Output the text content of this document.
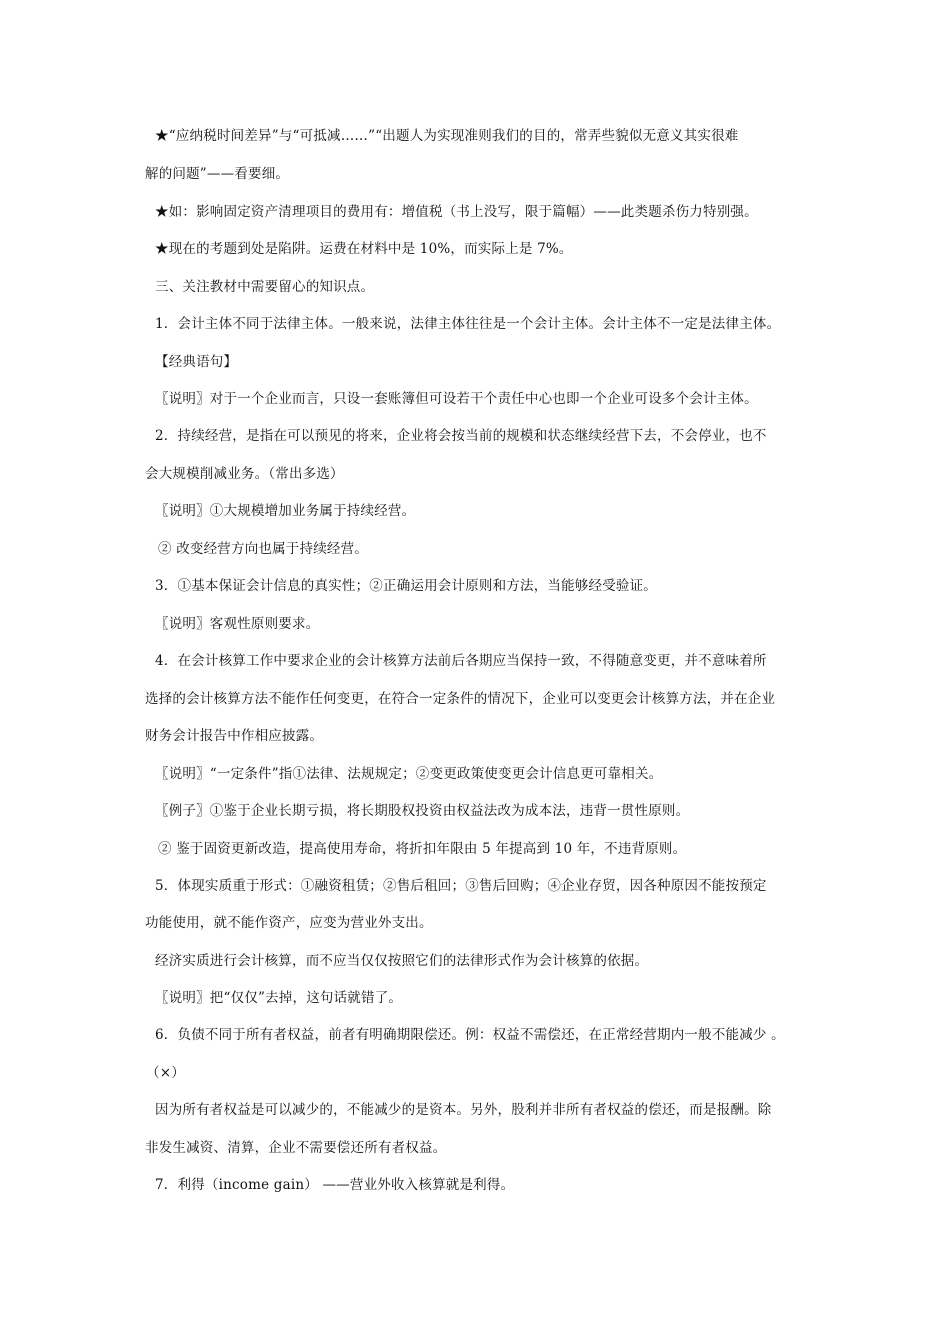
★“应纳税时间差异”与“可抵减……”“出题人为实现准则我们的目的，常弄些貌似无意义其实很难
解的问题”——看要细。
★如：影响固定资产清理项目的费用有：增值税（书上没写，限于篇幅）——此类题杀伤力特别强。
★现在的考题到处是陷阱。运费在材料中是 10%，而实际上是 7%。
三、关注教材中需要留心的知识点。
1．会计主体不同于法律主体。一般来说，法律主体往往是一个会计主体。会计主体不一定是法律主体。
【经典语句】
〖说明〗对于一个企业而言，只设一套账簿但可设若干个责任中心也即一个企业可设多个会计主体。
2．持续经营，是指在可以预见的将来，企业将会按当前的规模和状态继续经营下去，不会停业，也不
会大规模削减业务。（常出多选）
〖说明〗①大规模增加业务属于持续经营。
② 改变经营方向也属于持续经营。
3．①基本保证会计信息的真实性；②正确运用会计原则和方法，当能够经受验证。
〖说明〗客观性原则要求。
4．在会计核算工作中要求企业的会计核算方法前后各期应当保持一致，不得随意变更，并不意味着所
选择的会计核算方法不能作任何变更，在符合一定条件的情况下，企业可以变更会计核算方法，并在企业
财务会计报告中作相应披露。
〖说明〗“一定条件”指①法律、法规规定；②变更政策使变更会计信息更可靠相关。
〖例子〗①鉴于企业长期亏损，将长期股权投资由权益法改为成本法，违背一贯性原则。
② 鉴于固资更新改造，提高使用寿命，将折扣年限由 5 年提高到 10 年，不违背原则。
5．体现实质重于形式：①融资租赁；②售后租回；③售后回购；④企业存贸，因各种原因不能按预定
功能使用，就不能作资产，应变为营业外支出。
经济实质进行会计核算，而不应当仅仅按照它们的法律形式作为会计核算的依据。
〖说明〗把“仅仅”去掉，这句话就错了。
6．负债不同于所有者权益，前者有明确期限偿还。例：权益不需偿还，在正常经营期内一般不能减少 。
（×）
因为所有者权益是可以减少的，不能减少的是资本。另外，股利并非所有者权益的偿还，而是报酬。除
非发生减资、清算，企业不需要偿还所有者权益。
7．利得（income gain） ——营业外收入核算就是利得。
